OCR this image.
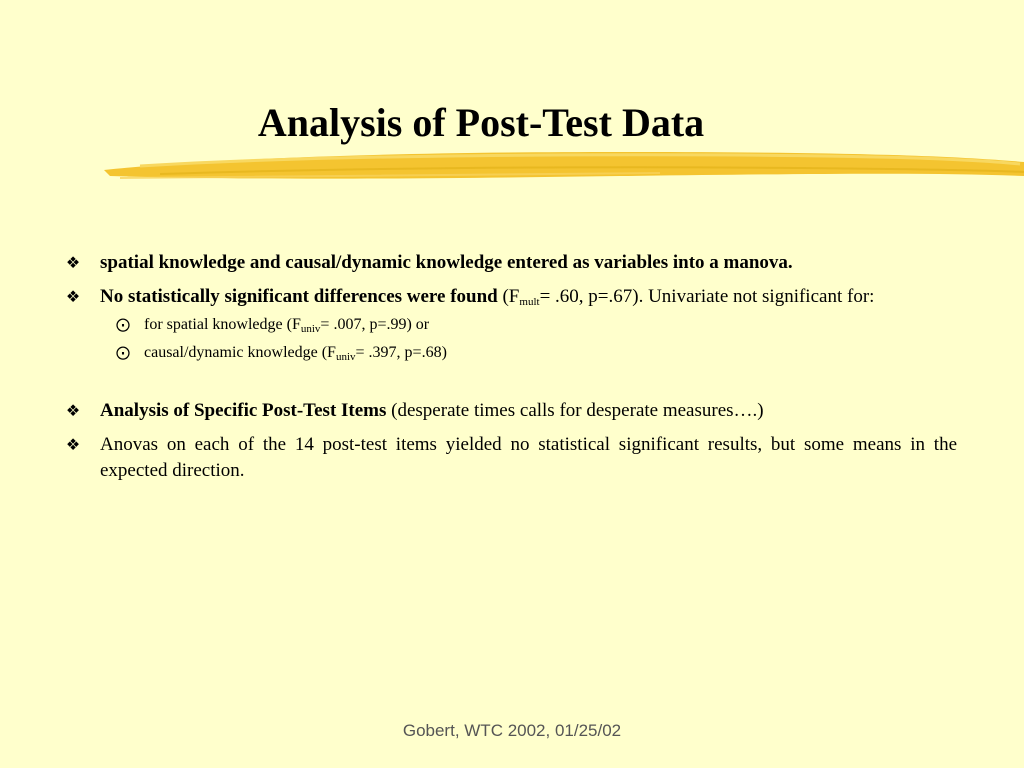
Analysis of Post-Test Data
❖ spatial knowledge and causal/dynamic knowledge entered as variables into a manova.
❖ No statistically significant differences were found ($F_{mult}= .60$, p=.67). Univariate not significant for:
⨀ for spatial knowledge ($F_{univ}= .007$, p=.99) or
⨀ causal/dynamic knowledge ($F_{univ}= .397$, p=.68)
❖ Analysis of Specific Post-Test Items (desperate times calls for desperate measures….)
❖ Anovas on each of the 14 post-test items yielded no statistical significant results, but some means in the expected direction.
Gobert, WTC 2002, 01/25/02
